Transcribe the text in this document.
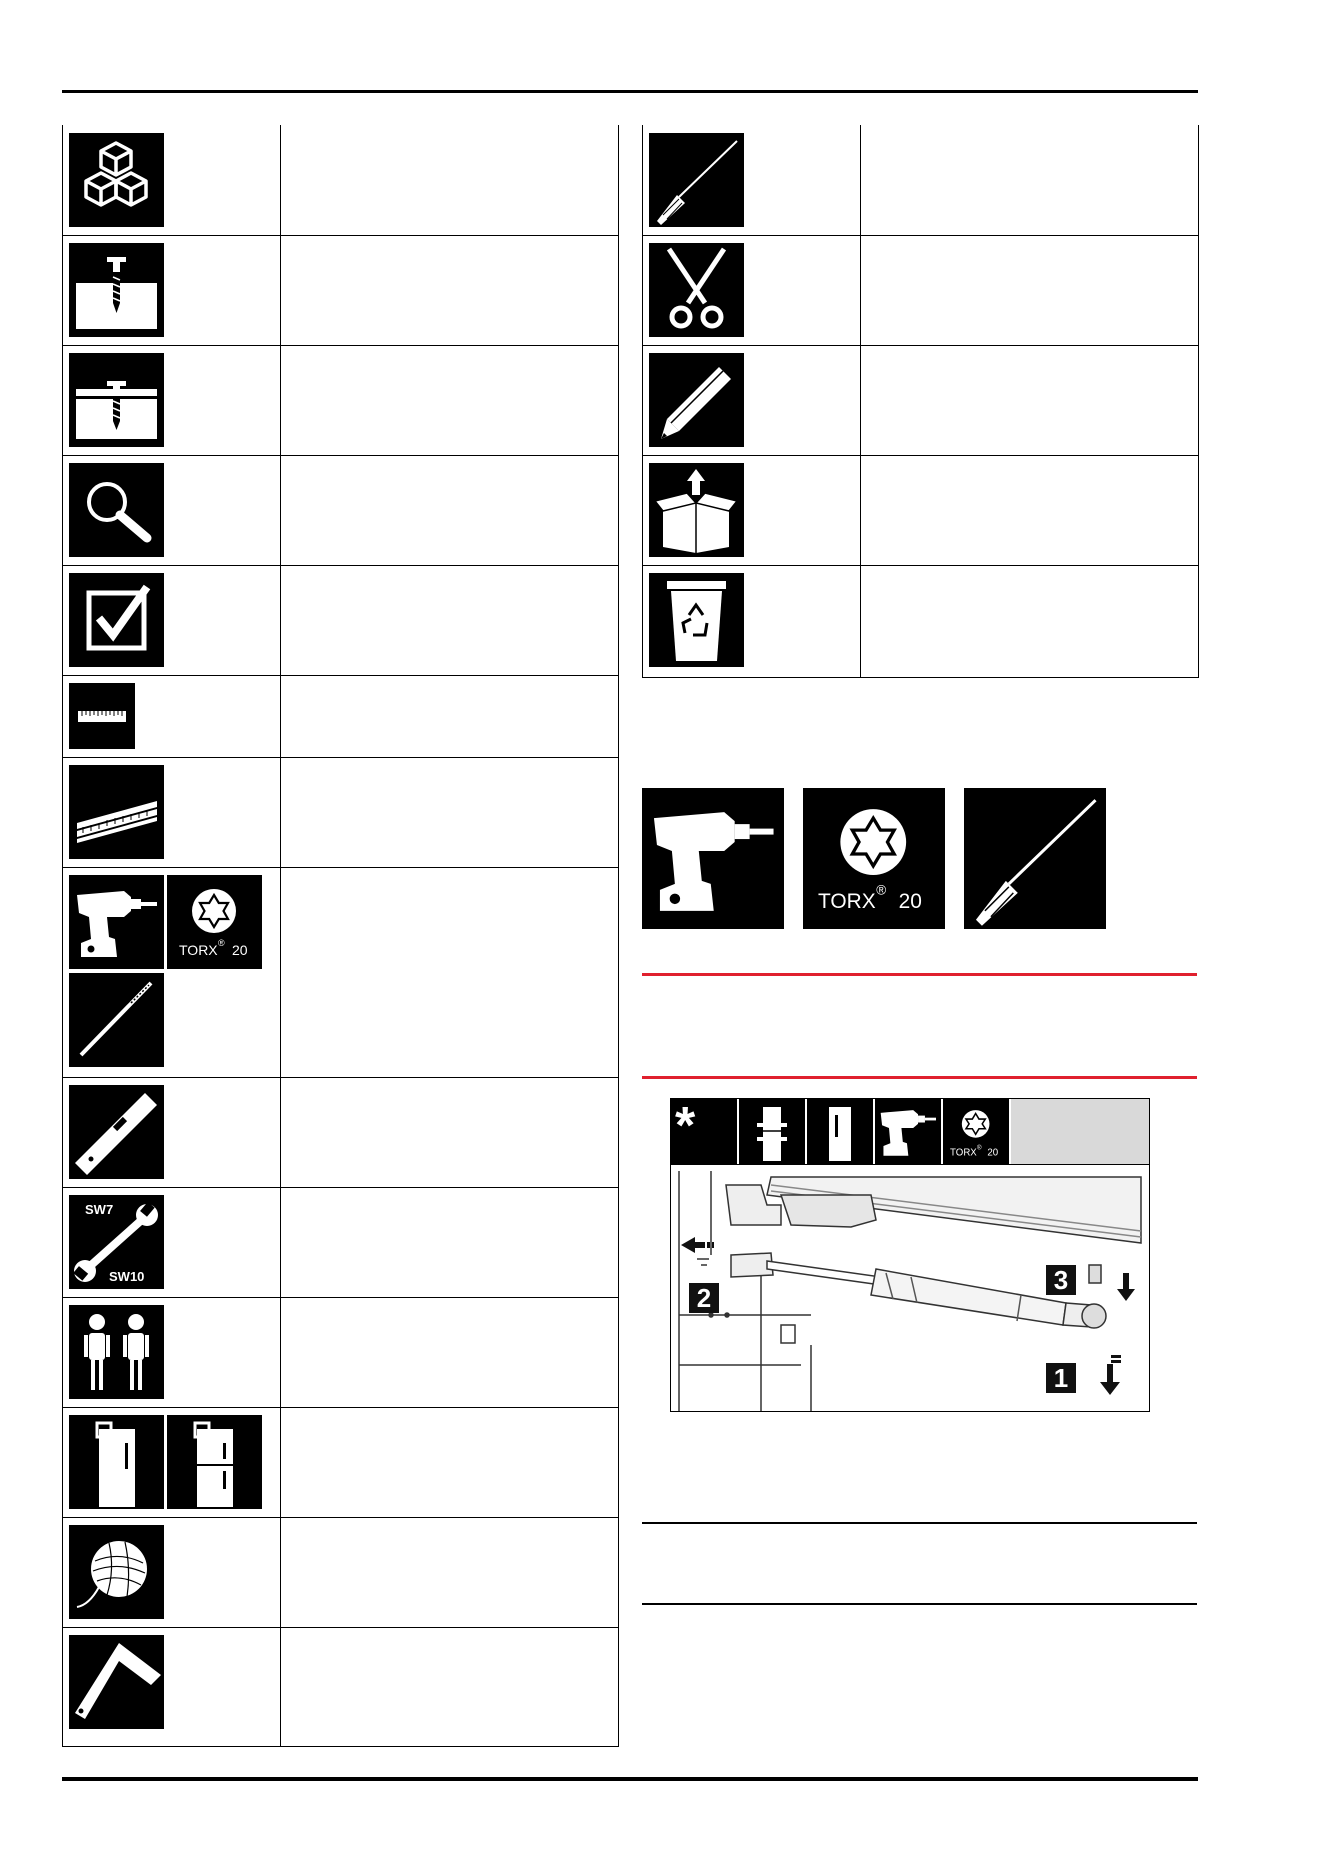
TORX ® 20
SW7
SW10
TORX ® 20
*	TORX ® 20
2
3
1
